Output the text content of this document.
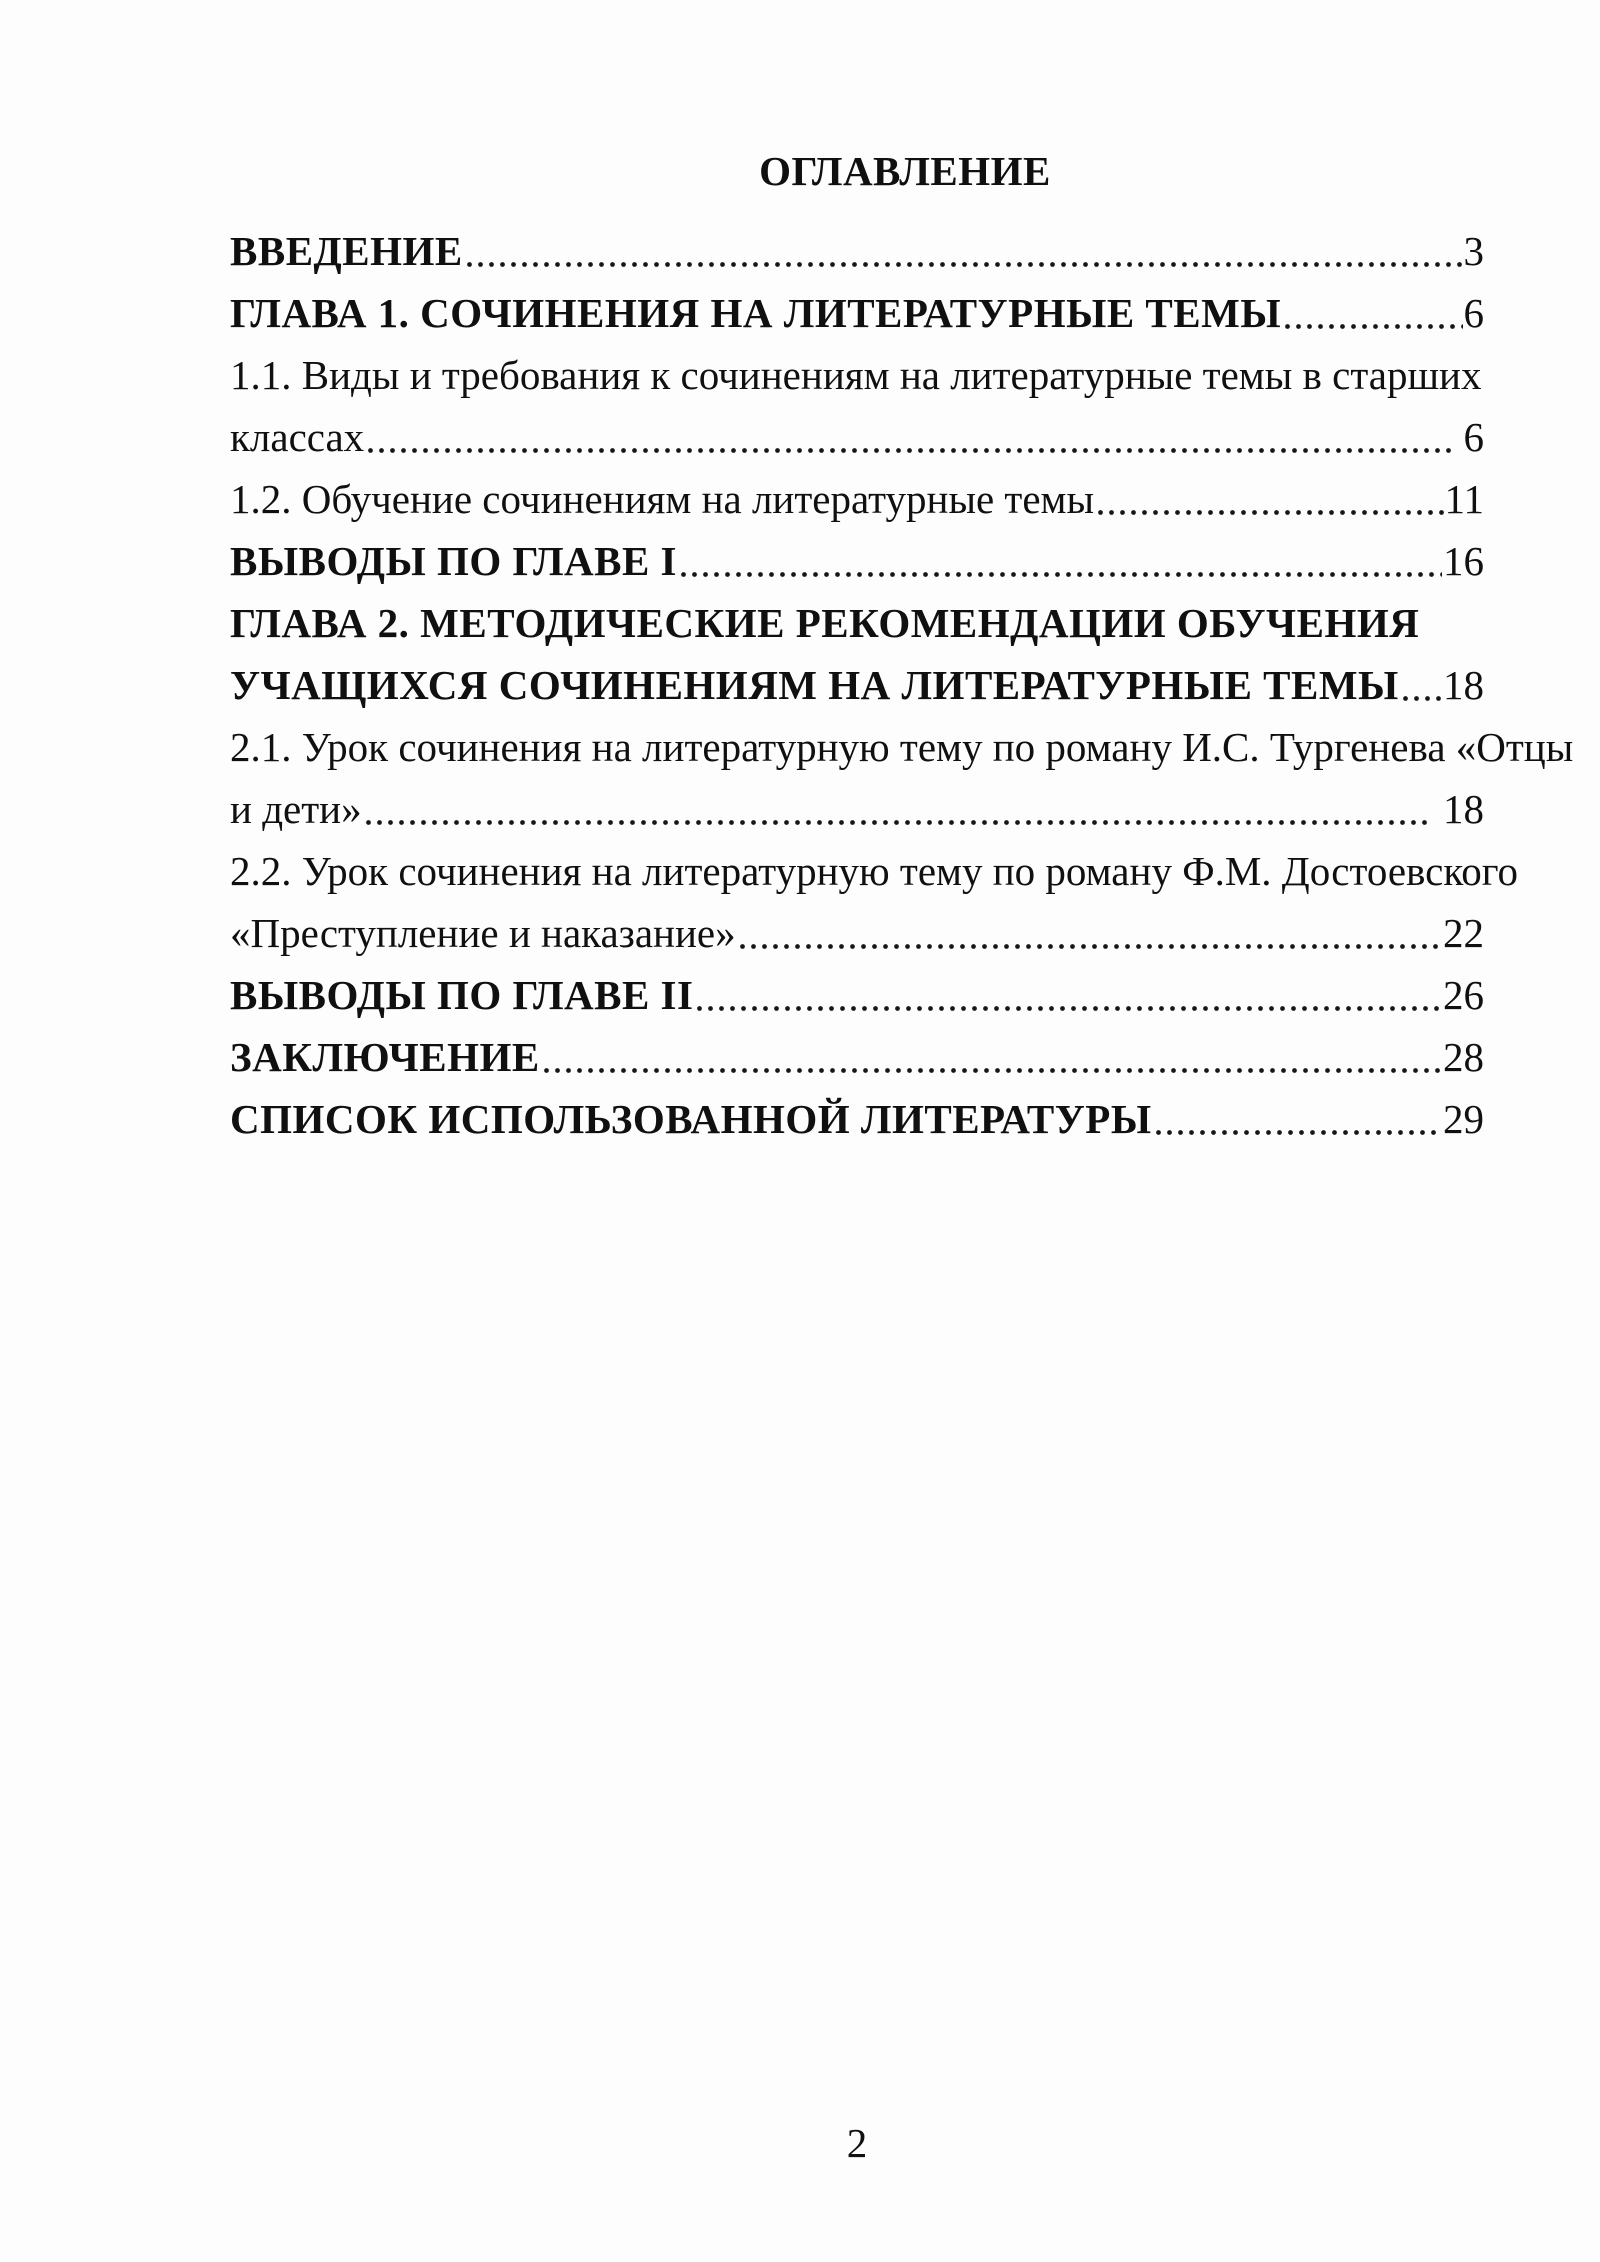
ОГЛАВЛЕНИЕ
ВВЕДЕНИЕ	3
ГЛАВА 1. СОЧИНЕНИЯ НА ЛИТЕРАТУРНЫЕ ТЕМЫ	6
1.1. Виды и требования к сочинениям на литературные темы в старших
классах	6
1.2. Обучение сочинениям на литературные темы	11
ВЫВОДЫ ПО ГЛАВЕ I	16
ГЛАВА 2. МЕТОДИЧЕСКИЕ РЕКОМЕНДАЦИИ ОБУЧЕНИЯ
УЧАЩИХСЯ СОЧИНЕНИЯМ НА ЛИТЕРАТУРНЫЕ ТЕМЫ 18
2.1. Урок сочинения на литературную тему по роману И.С. Тургенева «Отцы
и дети»	18
2.2. Урок сочинения на литературную тему по роману Ф.М. Достоевского
«Преступление и наказание»	22
ВЫВОДЫ ПО ГЛАВЕ II	26
ЗАКЛЮЧЕНИЕ	28
СПИСОК ИСПОЛЬЗОВАННОЙ ЛИТЕРАТУРЫ	29
2
